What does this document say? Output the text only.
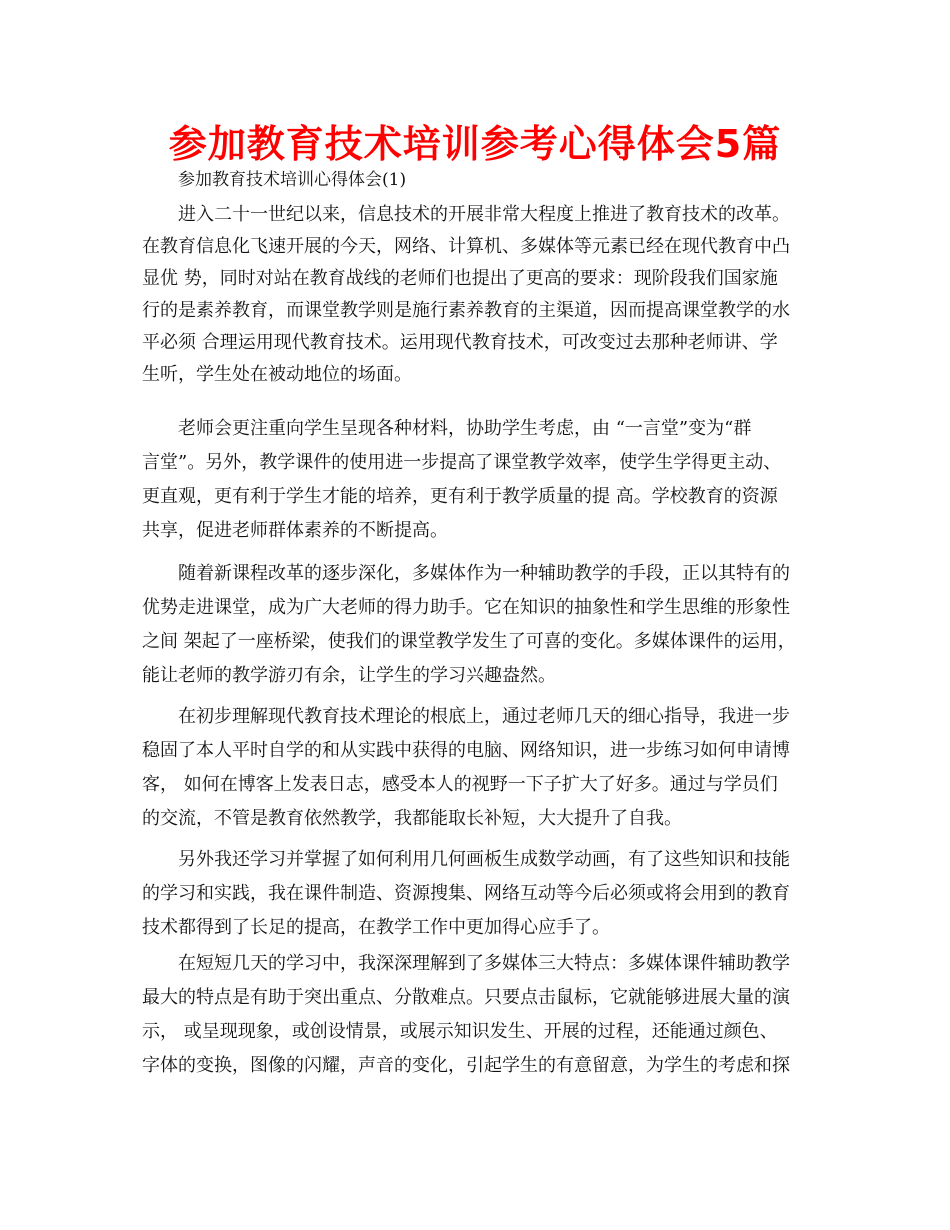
参加教育技术培训参考心得体会5篇
参加教育技术培训心得体会(1)
进入二十一世纪以来，信息技术的开展非常大程度上推进了教育技术的改革。
在教育信息化飞速开展的今天，网络、计算机、多媒体等元素已经在现代教育中凸
显优 势，同时对站在教育战线的老师们也提出了更高的要求：现阶段我们国家施
行的是素养教育，而课堂教学则是施行素养教育的主渠道，因而提高课堂教学的水
平必须 合理运用现代教育技术。运用现代教育技术，可改变过去那种老师讲、学
生听，学生处在被动地位的场面。
老师会更注重向学生呈现各种材料，协助学生考虑，由 “一言堂”变为“群
言堂”。另外，教学课件的使用进一步提高了课堂教学效率，使学生学得更主动、
更直观，更有利于学生才能的培养，更有利于教学质量的提 高。学校教育的资源
共享，促进老师群体素养的不断提高。
随着新课程改革的逐步深化，多媒体作为一种辅助教学的手段，正以其特有的
优势走进课堂，成为广大老师的得力助手。它在知识的抽象性和学生思维的形象性
之间 架起了一座桥梁，使我们的课堂教学发生了可喜的变化。多媒体课件的运用，
能让老师的教学游刃有余，让学生的学习兴趣盎然。
在初步理解现代教育技术理论的根底上，通过老师几天的细心指导，我进一步
稳固了本人平时自学的和从实践中获得的电脑、网络知识，进一步练习如何申请博
客， 如何在博客上发表日志，感受本人的视野一下子扩大了好多。通过与学员们
的交流，不管是教育依然教学，我都能取长补短，大大提升了自我。
另外我还学习并掌握了如何利用几何画板生成数学动画，有了这些知识和技能
的学习和实践，我在课件制造、资源搜集、网络互动等今后必须或将会用到的教育
技术都得到了长足的提高，在教学工作中更加得心应手了。
在短短几天的学习中，我深深理解到了多媒体三大特点：多媒体课件辅助教学
最大的特点是有助于突出重点、分散难点。只要点击鼠标，它就能够进展大量的演
示， 或呈现现象，或创设情景，或展示知识发生、开展的过程，还能通过颜色、
字体的变换，图像的闪耀，声音的变化，引起学生的有意留意，为学生的考虑和探
